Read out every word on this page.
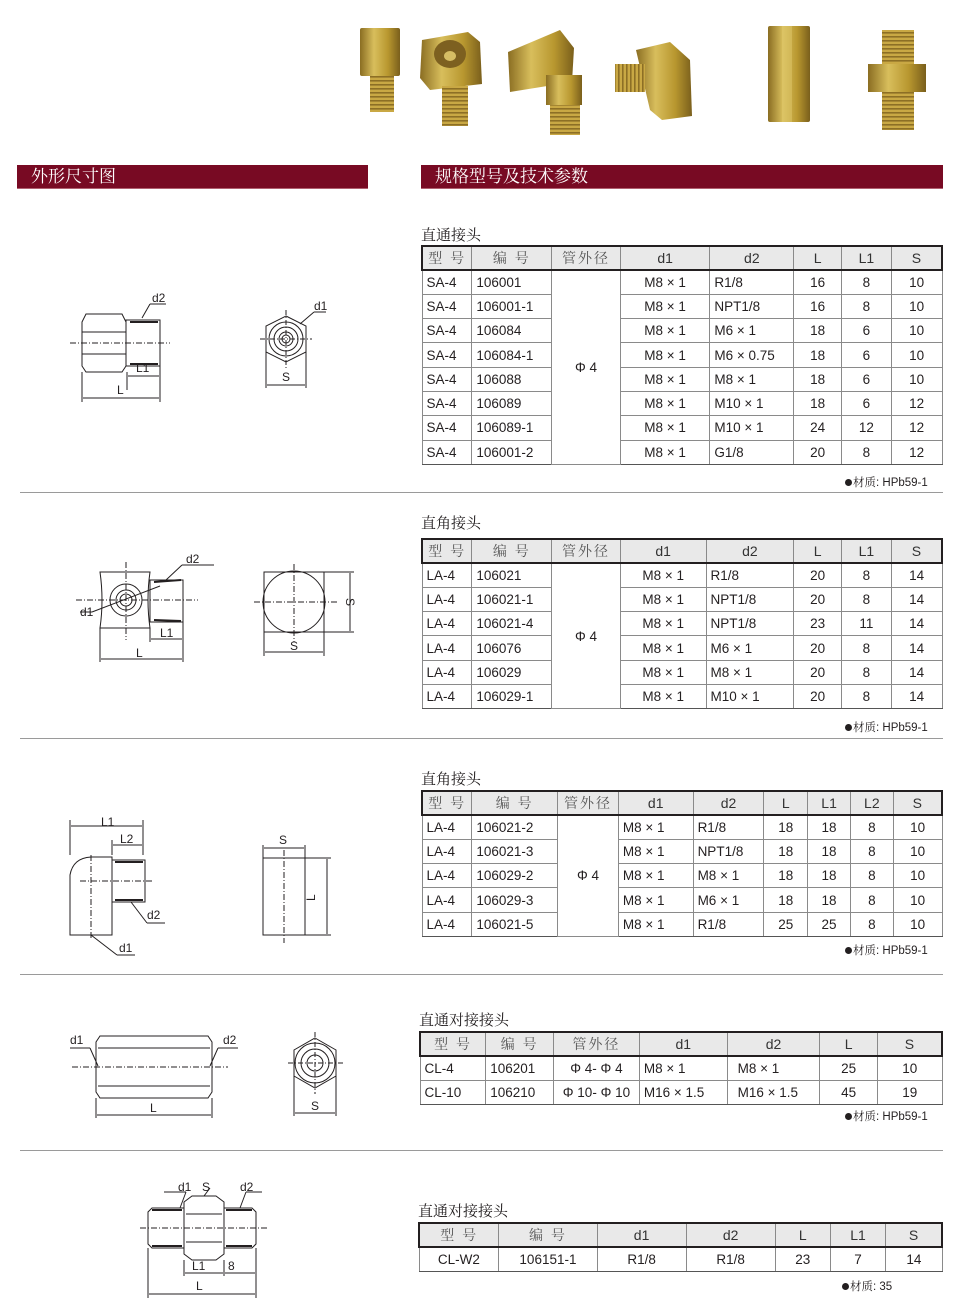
外形尺寸图	规格型号及技术参数
d2
d1
L1
L
S
直通接头
型 号	编 号	管外径	d1	d2	L	L1	S
SA-4	106001	Φ 4	M8 × 1	R1/8	16	8	10
SA-4	106001-1		M8 × 1	NPT1/8	16	8	10
SA-4	106084		M8 × 1	M6 × 1	18	6	10
SA-4	106084-1		M8 × 1	M6 × 0.75	18	6	10
SA-4	106088		M8 × 1	M8 × 1	18	6	10
SA-4	106089		M8 × 1	M10 × 1	18	6	12
SA-4	106089-1		M8 × 1	M10 × 1	24	12	12
SA-4	106001-2		M8 × 1	G1/8	20	8	12
材质: HPb59-1
d2
d1
L1
L	S
S
直角接头
型 号	编 号	管外径	d1	d2	L	L1	S
LA-4	106021	Φ 4	M8 × 1	R1/8	20	8	14
LA-4	106021-1		M8 × 1	NPT1/8	20	8	14
LA-4	106021-4		M8 × 1	NPT1/8	23	11	14
LA-4	106076		M8 × 1	M6 × 1	20	8	14
LA-4	106029		M8 × 1	M8 × 1	20	8	14
LA-4	106029-1		M8 × 1	M10 × 1	20	8	14
材质: HPb59-1
L1
L2
d2
d1
S
L
直角接头
型 号	编 号	管外径	d1	d2	L	L1	L2	S
LA-4	106021-2	Φ 4	M8 × 1	R1/8	18	18	8	10
LA-4	106021-3		M8 × 1	NPT1/8	18	18	8	10
LA-4	106029-2		M8 × 1	M8 × 1	18	18	8	10
LA-4	106029-3		M8 × 1	M6 × 1	18	18	8	10
LA-4	106021-5		M8 × 1	R1/8	25	25	8	10
材质: HPb59-1
d1	d2
L	S
直通对接接头
型 号	编 号	管外径	d1	d2	L	S
CL-4	106201	Φ 4- Φ 4	M8 × 1	M8 × 1	25	10
CL-10	106210	Φ 10- Φ 10	M16 × 1.5	M16 × 1.5	45	19
材质: HPb59-1
d1 S d2
L1 8
L
直通对接接头
型 号	编 号	d1	d2	L	L1	S
CL-W2	106151-1	R1/8	R1/8	23	7	14
材质: 35
